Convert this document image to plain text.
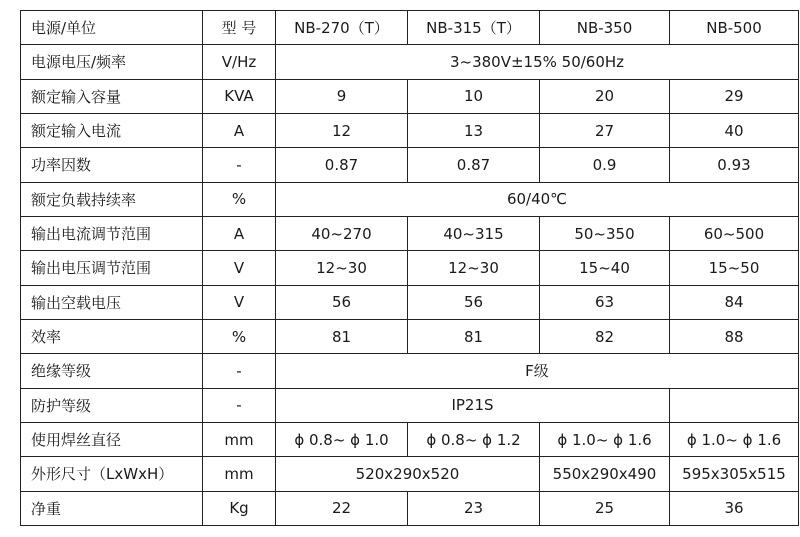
电源/单位	型 号	NB-270（T）	NB-315（T）	NB-350	NB-500
电源电压/频率	V/Hz	3~380V±15% 50/60Hz			
额定输入容量	KVA	9	10	20	29
额定输入电流	A	12	13	27	40
功率因数	-	0.87	0.87	0.9	0.93
额定负载持续率	%	60/40℃			
输出电流调节范围	A	40~270	40~315	50~350	60~500
输出电压调节范围	V	12~30	12~30	15~40	15~50
输出空载电压	V	56	56	63	84
效率	%	81	81	82	88
绝缘等级	-	F级			
防护等级	-	IP21S			
使用焊丝直径	mm	ϕ 0.8~ ϕ 1.0	ϕ 0.8~ ϕ 1.2	ϕ 1.0~ ϕ 1.6	ϕ 1.0~ ϕ 1.6
外形尺寸（LxWxH）	mm	520x290x520		550x290x490	595x305x515
净重	Kg	22	23	25	36
